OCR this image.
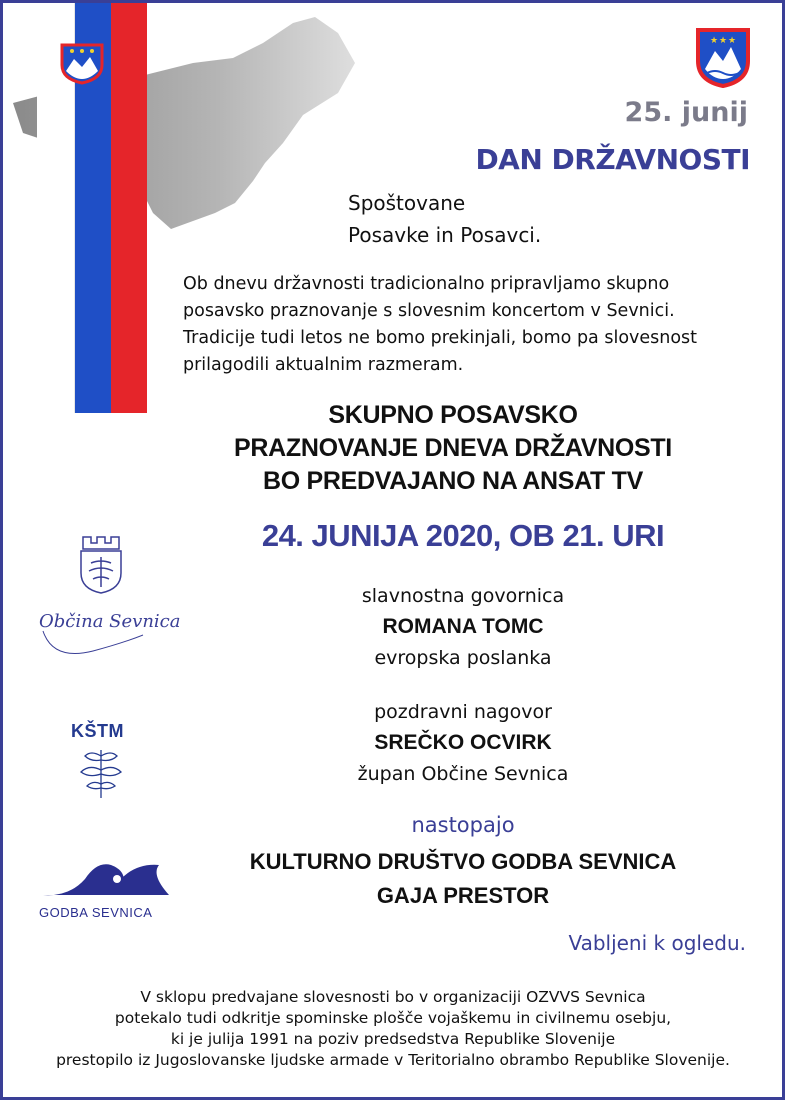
★ ★ ★
25. junij
DAN DRŽAVNOSTI
Spoštovane
Posavke in Posavci.
Ob dnevu državnosti tradicionalno pripravljamo skupno
posavsko praznovanje s slovesnim koncertom v Sevnici.
Tradicije tudi letos ne bomo prekinjali, bomo pa slovesnost
prilagodili aktualnim razmeram.
SKUPNO POSAVSKO
PRAZNOVANJE DNEVA DRŽAVNOSTI
BO PREDVAJANO NA ANSAT TV
24. JUNIJA 2020, OB 21. URI
slavnostna govornica
ROMANA TOMC
evropska poslanka
pozdravni nagovor
SREČKO OCVIRK
župan Občine Sevnica
nastopajo
KULTURNO DRUŠTVO GODBA SEVNICA
GAJA PRESTOR
Vabljeni k ogledu.
V sklopu predvajane slovesnosti bo v organizaciji OZVVS Sevnica
potekalo tudi odkritje spominske plošče vojaškemu in civilnemu osebju,
ki je julija 1991 na poziv predsedstva Republike Slovenije
prestopilo iz Jugoslovanske ljudske armade v Teritorialno obrambo Republike Slovenije.
Občina Sevnica
KŠTM
GODBA SEVNICA
